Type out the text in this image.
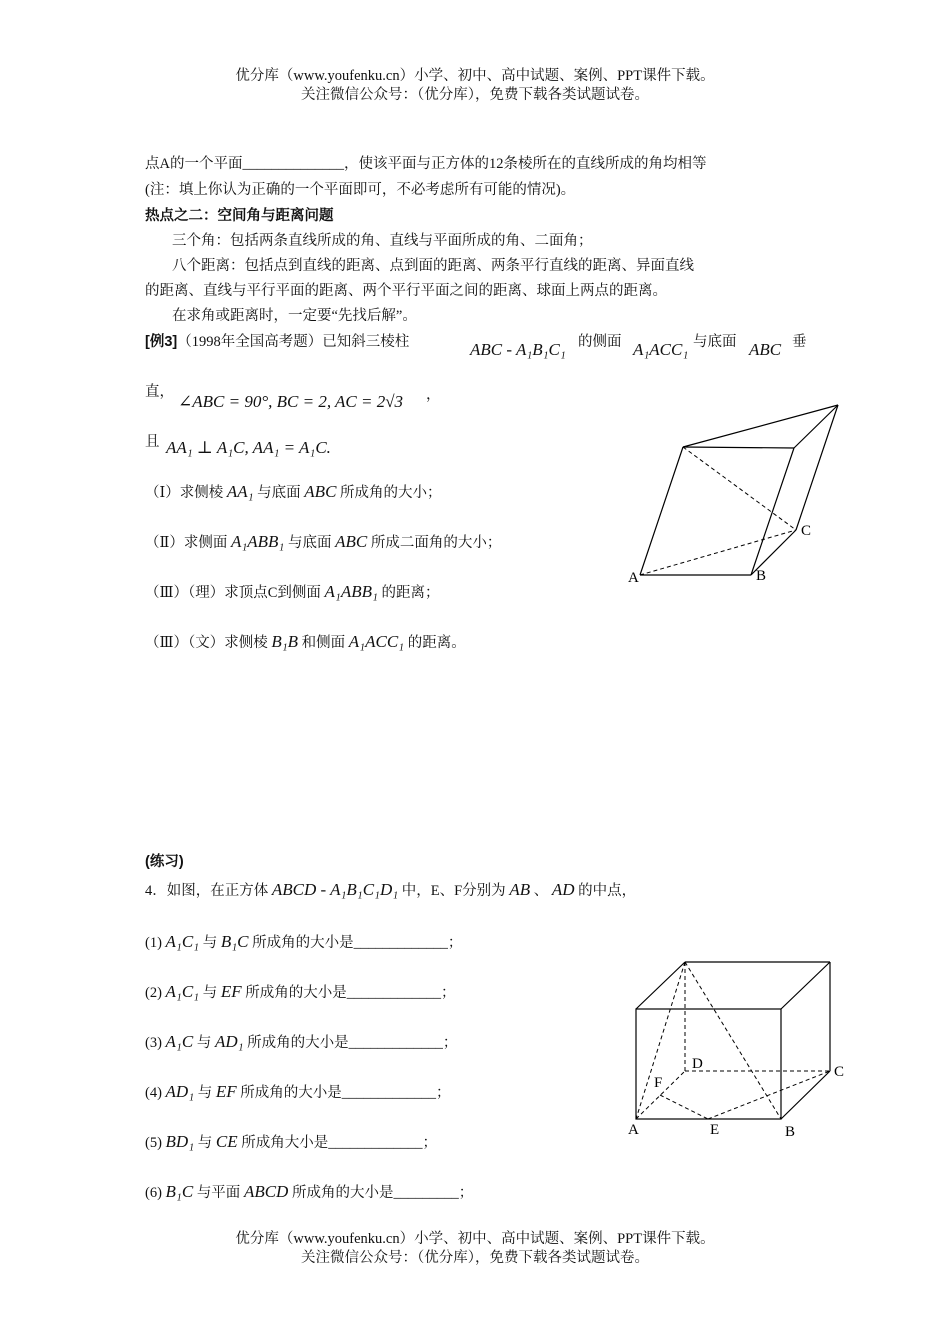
优分库（www.youfenku.cn）小学、初中、高中试题、案例、PPT课件下载。
关注微信公众号：（优分库），免费下载各类试题试卷。
点A的一个平面______________，使该平面与正方体的12条棱所在的直线所成的角均相等
(注：填上你认为正确的一个平面即可，不必考虑所有可能的情况)。
热点之二：空间角与距离问题
三个角：包括两条直线所成的角、直线与平面所成的角、二面角；
八个距离：包括点到直线的距离、点到面的距离、两条平行直线的距离、异面直线
的距离、直线与平行平面的距离、两个平行平面之间的距离、球面上两点的距离。
在求角或距离时，一定要“先找后解”。
[例3]（1998年全国高考题）已知斜三棱柱	ABC - A₁B₁C₁ 的侧面 A₁ACC₁ 与底面 ABC 垂
直， ∠ABC = 90°, BC = 2, AC = 2√3 ，
且 AA₁ ⊥ A₁C, AA₁ = A₁C.
（Ⅰ）求侧棱 AA₁ 与底面 ABC 所成角的大小；
（Ⅱ）求侧面 A₁ABB₁ 与底面 ABC 所成二面角的大小；
（Ⅲ）（理）求顶点C到侧面 A₁ABB₁ 的距离；
（Ⅲ）（文）求侧棱 B₁B 和侧面 A₁ACC₁ 的距离。
A	B
C
(练习)
4．如图，在正方体 ABCD - A₁B₁C₁D₁ 中，E、F分别为 AB 、 AD 的中点，
(1) A₁C₁ 与 B₁C 所成角的大小是_____________；
(2) A₁C₁ 与 EF 所成角的大小是_____________；
(3) A₁C 与 AD₁ 所成角的大小是_____________；
(4) AD₁ 与 EF 所成角的大小是_____________；
(5) BD₁ 与 CE 所成角大小是_____________；
(6) B₁C 与平面 ABCD 所成角的大小是_________；
A	B
C
D
E
F
优分库（www.youfenku.cn）小学、初中、高中试题、案例、PPT课件下载。
关注微信公众号：（优分库），免费下载各类试题试卷。
